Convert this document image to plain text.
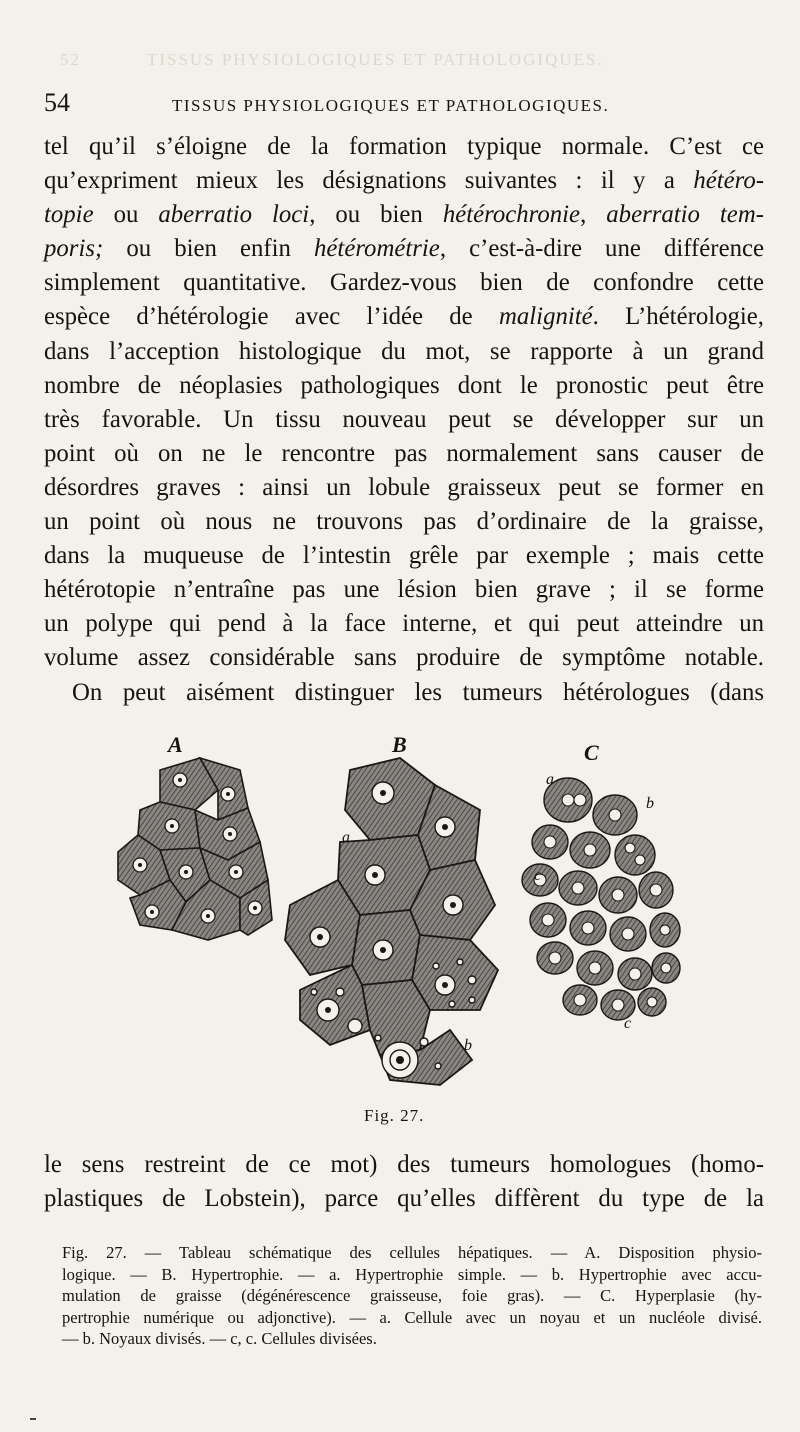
52	TISSUS PHYSIOLOGIQUES ET PATHOLOGIQUES.
54	TISSUS PHYSIOLOGIQUES ET PATHOLOGIQUES.
tel qu’il s’éloigne de la formation typique normale. C’est ce
qu’expriment mieux les désignations suivantes : il y a hétéro-
topie ou aberratio loci, ou bien hétérochronie, aberratio tem-
poris; ou bien enfin hétérométrie, c’est-à-dire une différence
simplement quantitative. Gardez-vous bien de confondre cette
espèce d’hétérologie avec l’idée de malignité. L’hétérologie,
dans l’acception histologique du mot, se rapporte à un grand
nombre de néoplasies pathologiques dont le pronostic peut être
très favorable. Un tissu nouveau peut se développer sur un
point où on ne le rencontre pas normalement sans causer de
désordres graves : ainsi un lobule graisseux peut se former en
un point où nous ne trouvons pas d’ordinaire de la graisse,
dans la muqueuse de l’intestin grêle par exemple ; mais cette
hétérotopie n’entraîne pas une lésion bien grave ; il se forme
un polype qui pend à la face interne, et qui peut atteindre un
volume assez considérable sans produire de symptôme notable.
On peut aisément distinguer les tumeurs hétérologues (dans
A	B	C
a
a
b
b
c
c
Fig. 27.
le sens restreint de ce mot) des tumeurs homologues (homo-
plastiques de Lobstein), parce qu’elles diffèrent du type de la
Fig. 27. — Tableau schématique des cellules hépatiques. — A. Disposition physio-
logique. — B. Hypertrophie. — a. Hypertrophie simple. — b. Hypertrophie avec accu-
mulation de graisse (dégénérescence graisseuse, foie gras). — C. Hyperplasie (hy-
pertrophie numérique ou adjonctive). — a. Cellule avec un noyau et un nucléole divisé.
— b. Noyaux divisés. — c, c. Cellules divisées.
